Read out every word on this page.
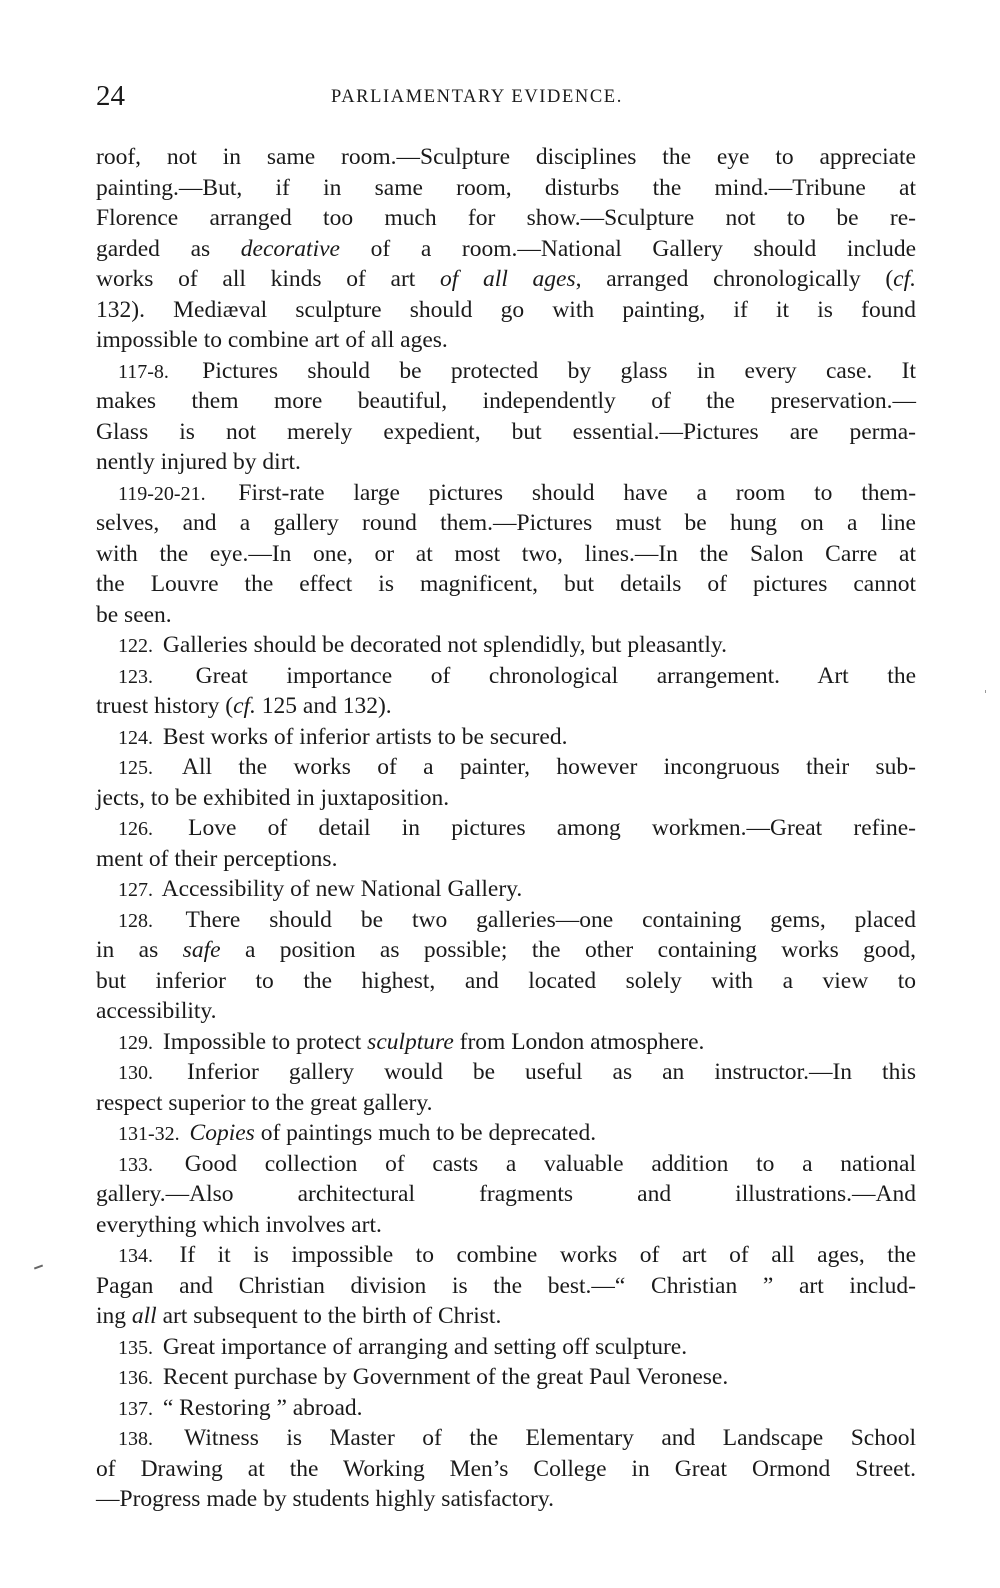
24	PARLIAMENTARY EVIDENCE.
roof, not in same room.—Sculpture disciplines the eye to appreciate
painting.—But, if in same room, disturbs the mind.—Tribune at
Florence arranged too much for show.—Sculpture not to be re-
garded as decorative of a room.—National Gallery should include
works of all kinds of art of all ages, arranged chronologically (cf.
132). Mediæval sculpture should go with painting, if it is found
impossible to combine art of all ages.
117-8. Pictures should be protected by glass in every case. It
makes them more beautiful, independently of the preservation.—
Glass is not merely expedient, but essential.—Pictures are perma-
nently injured by dirt.
119-20-21. First-rate large pictures should have a room to them-
selves, and a gallery round them.—Pictures must be hung on a line
with the eye.—In one, or at most two, lines.—In the Salon Carre at
the Louvre the effect is magnificent, but details of pictures cannot
be seen.
122. Galleries should be decorated not splendidly, but pleasantly.
123. Great importance of chronological arrangement. Art the
truest history (cf. 125 and 132).
124. Best works of inferior artists to be secured.
125. All the works of a painter, however incongruous their sub-
jects, to be exhibited in juxtaposition.
126. Love of detail in pictures among workmen.—Great refine-
ment of their perceptions.
127. Accessibility of new National Gallery.
128. There should be two galleries—one containing gems, placed
in as safe a position as possible; the other containing works good,
but inferior to the highest, and located solely with a view to
accessibility.
129. Impossible to protect sculpture from London atmosphere.
130. Inferior gallery would be useful as an instructor.—In this
respect superior to the great gallery.
131-32. Copies of paintings much to be deprecated.
133. Good collection of casts a valuable addition to a national
gallery.—Also architectural fragments and illustrations.—And
everything which involves art.
134. If it is impossible to combine works of art of all ages, the
Pagan and Christian division is the best.—“ Christian ” art includ-
ing all art subsequent to the birth of Christ.
135. Great importance of arranging and setting off sculpture.
136. Recent purchase by Government of the great Paul Veronese.
137. “ Restoring ” abroad.
138. Witness is Master of the Elementary and Landscape School
of Drawing at the Working Men’s College in Great Ormond Street.
—Progress made by students highly satisfactory.
